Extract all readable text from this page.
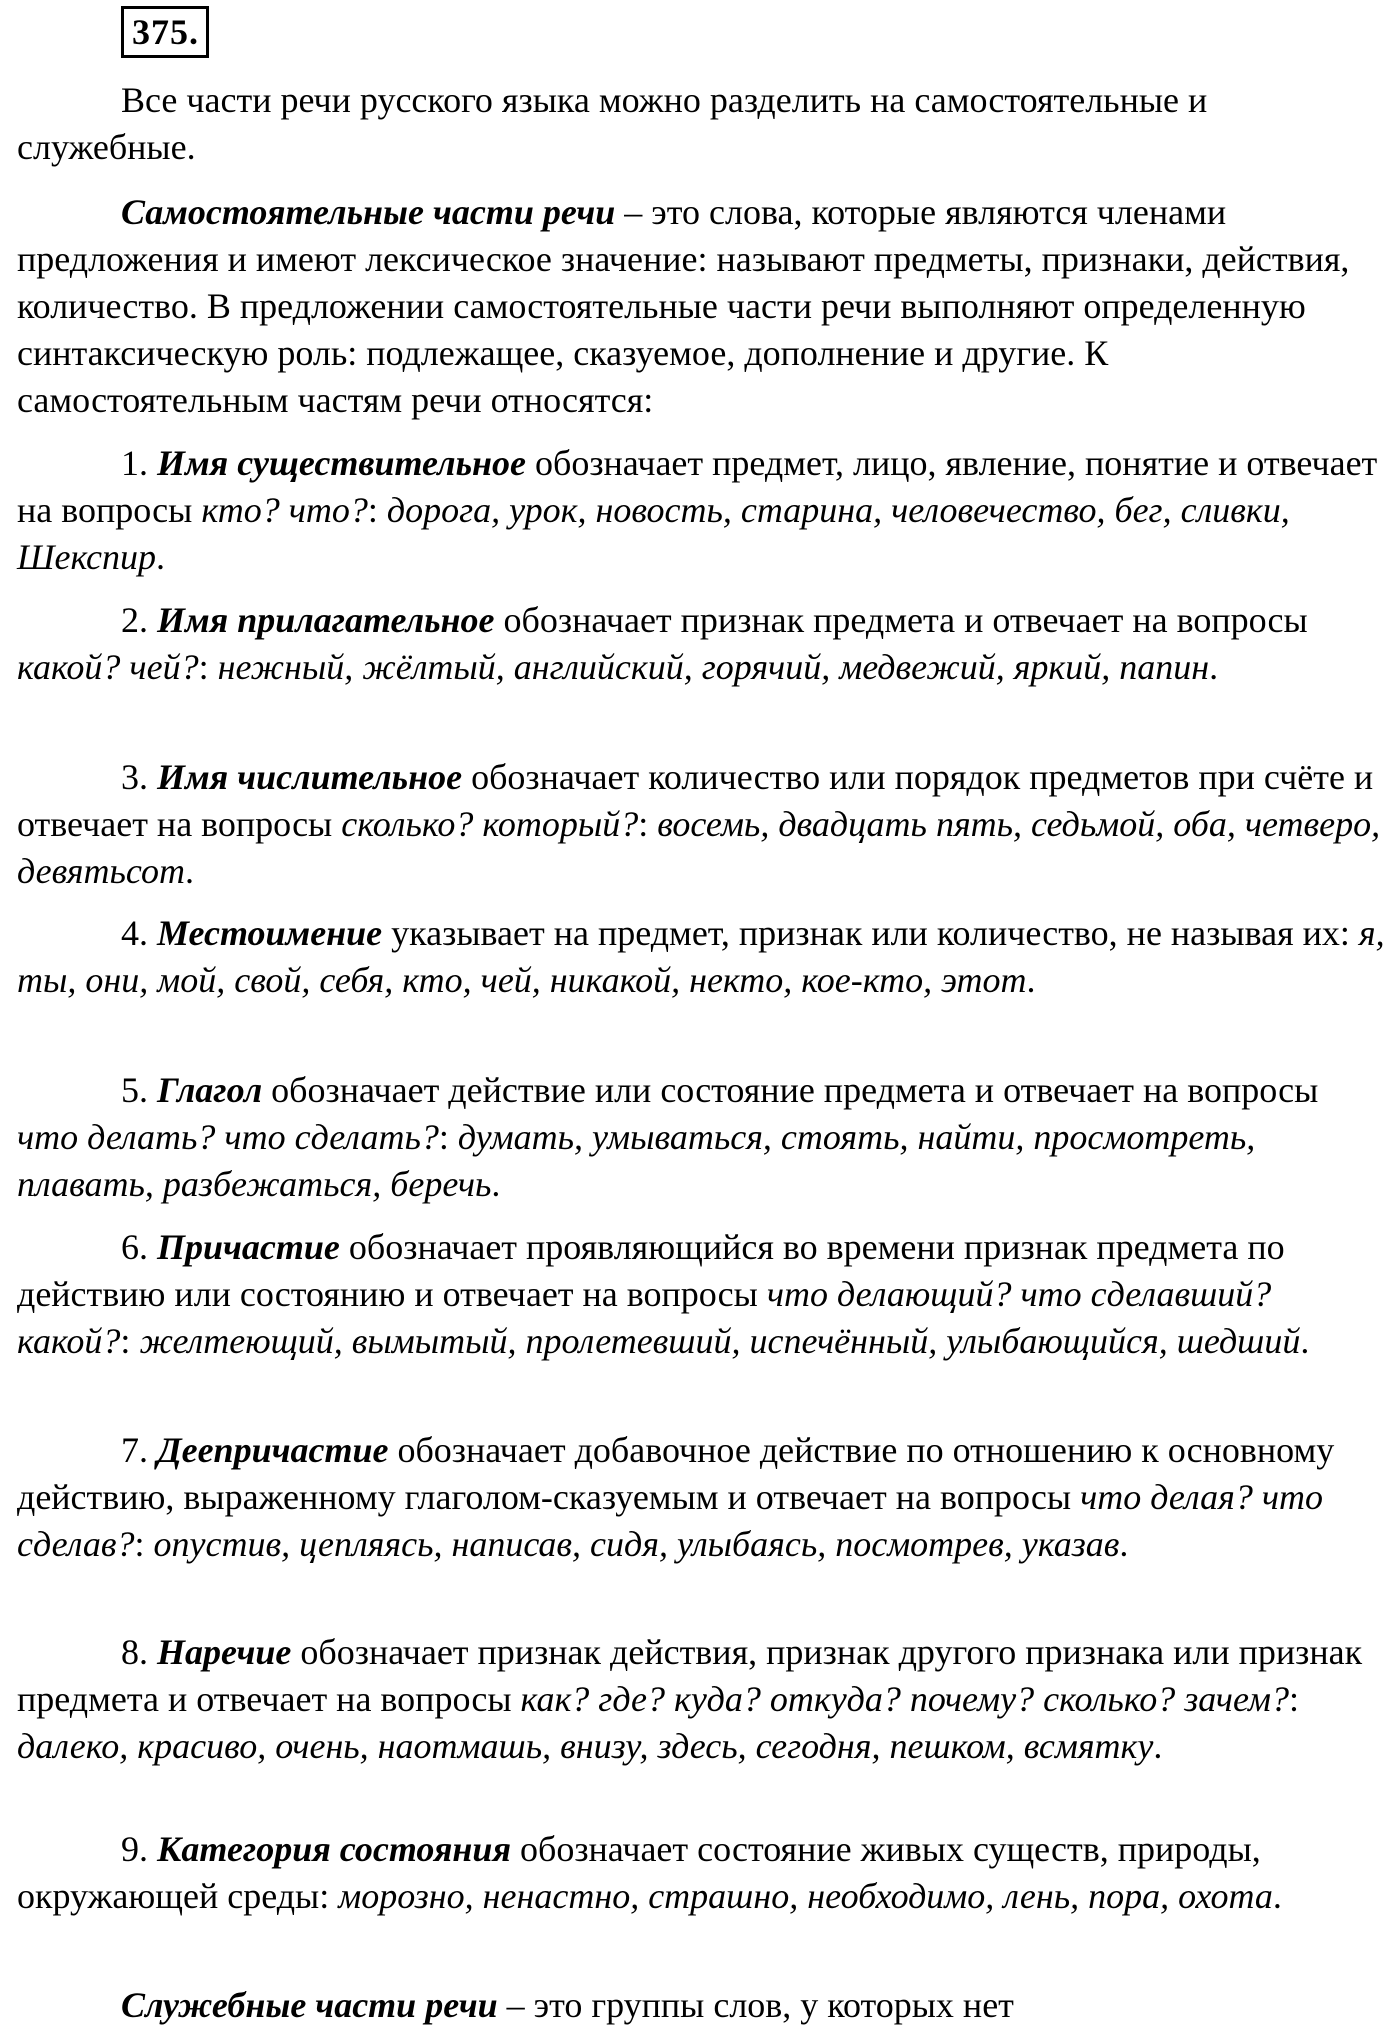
375.

Все части речи русского языка можно разделить на самостоятельные и служебные.

Самостоятельные части речи – это слова, которые являются членами предложения и имеют лексическое значение: называют предметы, признаки, действия, количество. В предложении самостоятельные части речи выполняют определенную синтаксическую роль: подлежащее, сказуемое, дополнение и другие. К самостоятельным частям речи относятся:

1. Имя существительное обозначает предмет, лицо, явление, понятие и отвечает на вопросы кто? что?: дорога, урок, новость, старина, человечество, бег, сливки, Шекспир.

2. Имя прилагательное обозначает признак предмета и отвечает на вопросы какой? чей?: нежный, жёлтый, английский, горячий, медвежий, яркий, папин.

3. Имя числительное обозначает количество или порядок предметов при счёте и отвечает на вопросы сколько? который?: восемь, двадцать пять, седьмой, оба, четверо, девятьсот.

4. Местоимение указывает на предмет, признак или количество, не называя их: я, ты, они, мой, свой, себя, кто, чей, никакой, некто, кое-кто, этот.

5. Глагол обозначает действие или состояние предмета и отвечает на вопросы что делать? что сделать?: думать, умываться, стоять, найти, просмотреть, плавать, разбежаться, беречь.

6. Причастие обозначает проявляющийся во времени признак предмета по действию или состоянию и отвечает на вопросы что делающий? что сделавший? какой?: желтеющий, вымытый, пролетевший, испечённый, улыбающийся, шедший.

7. Деепричастие обозначает добавочное действие по отношению к основному действию, выраженному глаголом-сказуемым и отвечает на вопросы что делая? что сделав?: опустив, цепляясь, написав, сидя, улыбаясь, посмотрев, указав.

8. Наречие обозначает признак действия, признак другого признака или признак предмета и отвечает на вопросы как? где? куда? откуда? почему? сколько? зачем?: далеко, красиво, очень, наотмашь, внизу, здесь, сегодня, пешком, всмятку.

9. Категория состояния обозначает состояние живых существ, природы, окружающей среды: морозно, ненастно, страшно, необходимо, лень, пора, охота.

Служебные части речи – это группы слов, у которых нет
